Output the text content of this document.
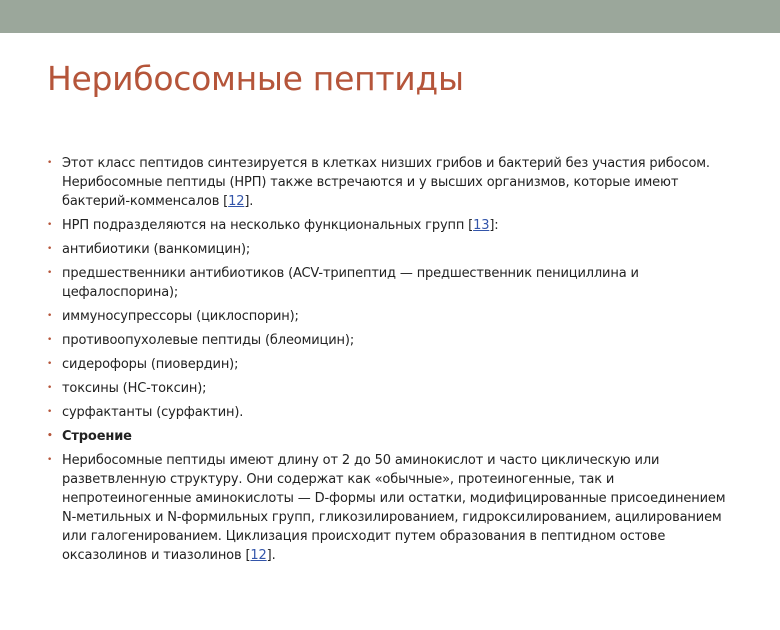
Нерибосомные пептиды
• Этот класс пептидов синтезируется в клетках низших грибов и бактерий без участия рибосом. Нерибосомные пептиды (НРП) также встречаются и у высших организмов, которые имеют бактерий-комменсалов [12].
• НРП подразделяются на несколько функциональных групп [13]:
• антибиотики (ванкомицин);
• предшественники антибиотиков (ACV-трипептид — предшественник пенициллина и цефалоспорина);
• иммуносупрессоры (циклоспорин);
• противоопухолевые пептиды (блеомицин);
• сидерофоры (пиовердин);
• токсины (HC-токсин);
• сурфактанты (сурфактин).
• Строение
• Нерибосомные пептиды имеют длину от 2 до 50 аминокислот и часто циклическую или разветвленную структуру. Они содержат как «обычные», протеиногенные, так и непротеиногенные аминокислоты — D-формы или остатки, модифицированные присоединением N-метильных и N-формильных групп, гликозилированием, гидроксилированием, ацилированием или галогенированием. Циклизация происходит путем образования в пептидном остове оксазолинов и тиазолинов [12].
